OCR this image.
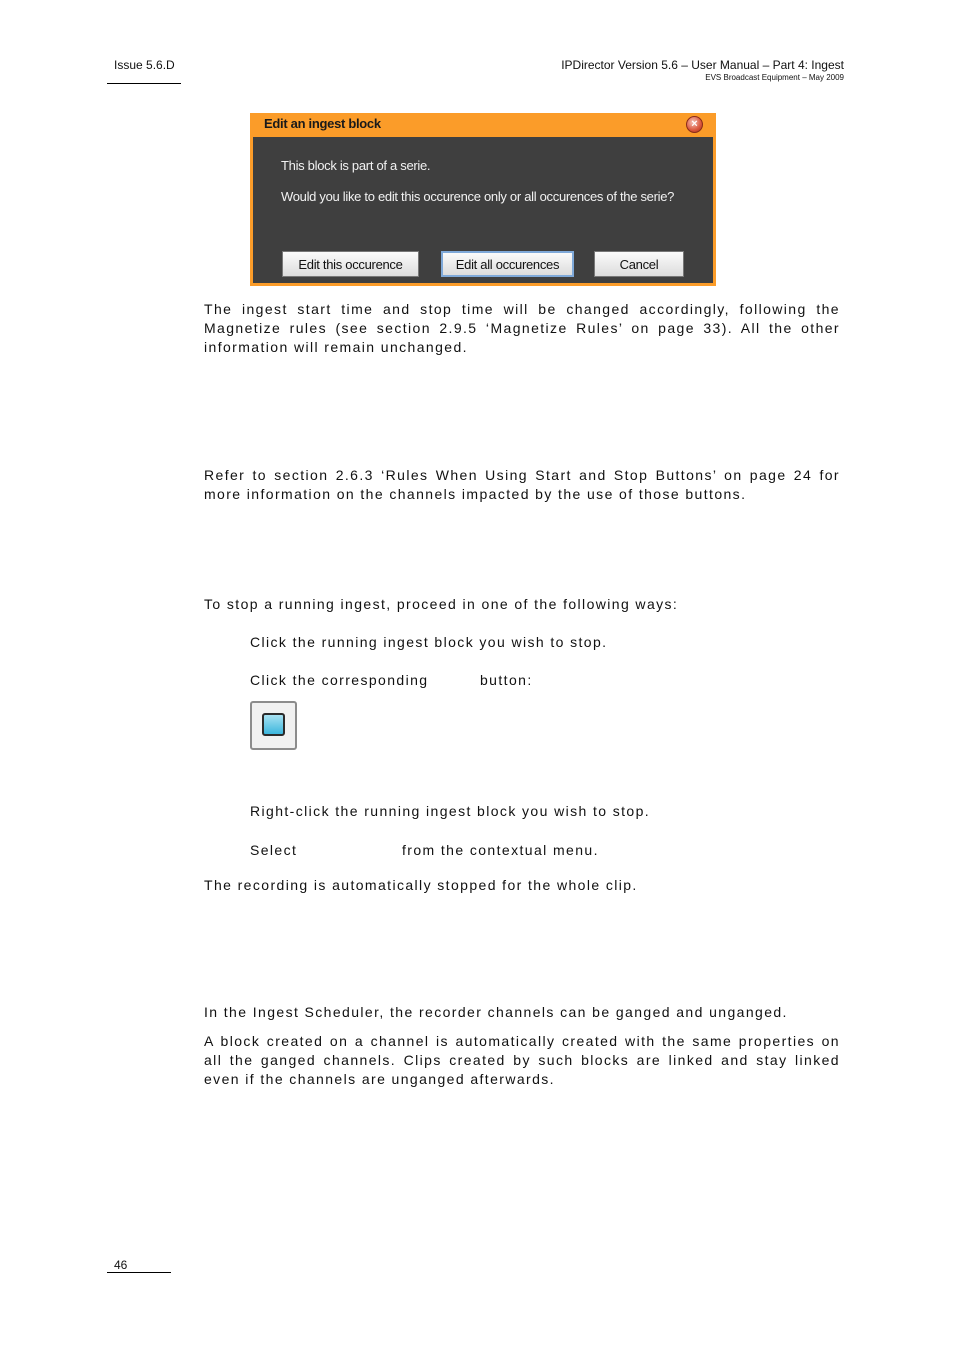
Issue 5.6.D	IPDirector Version 5.6 – User Manual – Part 4: Ingest
EVS Broadcast Equipment – May 2009
Edit an ingest block	×
This block is part of a serie.
Would you like to edit this occurence only or all occurences of the serie?
Edit this occurence	Edit all occurences	Cancel
The ingest start time and stop time will be changed accordingly, following the Magnetize rules (see section 2.9.5 ‘Magnetize Rules’ on page 33). All the other information will remain unchanged.
Refer to section 2.6.3 ‘Rules When Using Start and Stop Buttons’ on page 24 for more information on the channels impacted by the use of those buttons.
To stop a running ingest, proceed in one of the following ways:
Click the running ingest block you wish to stop.
Click the corresponding	button:
Right-click the running ingest block you wish to stop.
Select	from the contextual menu.
The recording is automatically stopped for the whole clip.
In the Ingest Scheduler, the recorder channels can be ganged and unganged.
A block created on a channel is automatically created with the same properties on all the ganged channels. Clips created by such blocks are linked and stay linked even if the channels are unganged afterwards.
46
